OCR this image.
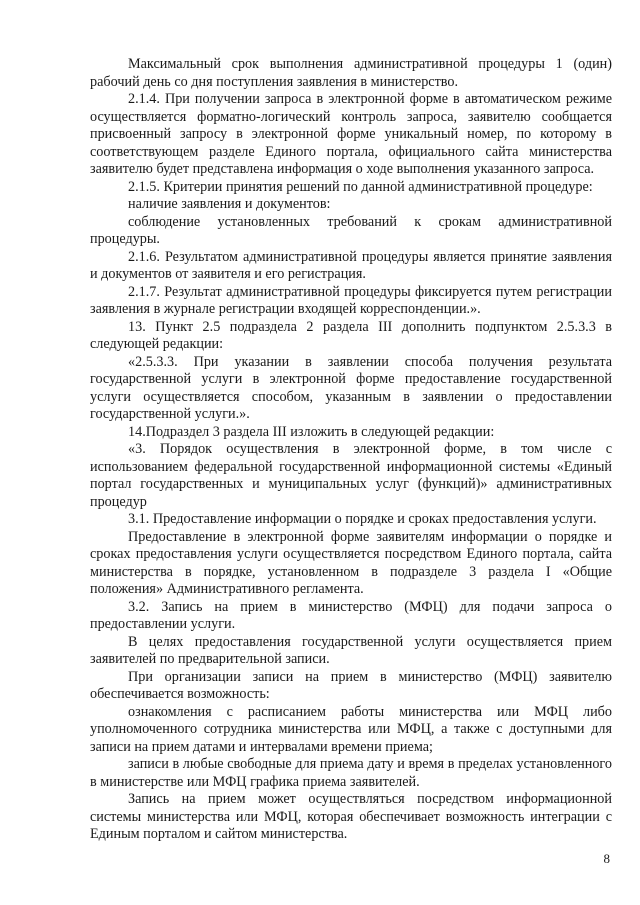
Максимальный срок выполнения административной процедуры 1 (один) рабочий день со дня поступления заявления в министерство.

2.1.4. При получении запроса в электронной форме в автоматическом режиме осуществляется форматно-логический контроль запроса, заявителю сообщается присвоенный запросу в электронной форме уникальный номер, по которому в соответствующем разделе Единого портала, официального сайта министерства заявителю будет представлена информация о ходе выполнения указанного запроса.

2.1.5. Критерии принятия решений по данной административной процедуре:

наличие заявления и документов:

соблюдение установленных требований к срокам административной процедуры.

2.1.6. Результатом административной процедуры является принятие заявления и документов от заявителя и его регистрация.

2.1.7. Результат административной процедуры фиксируется путем регистрации заявления в журнале регистрации входящей корреспонденции.».

13. Пункт 2.5 подраздела 2 раздела III дополнить подпунктом 2.5.3.3 в следующей редакции:

«2.5.3.3. При указании в заявлении способа получения результата государственной услуги в электронной форме предоставление государственной услуги осуществляется способом, указанным в заявлении о предоставлении государственной услуги.».

14.Подраздел 3 раздела III изложить в следующей редакции:

«3. Порядок осуществления в электронной форме, в том числе с использованием федеральной государственной информационной системы «Единый портал государственных и муниципальных услуг (функций)» административных процедур

3.1. Предоставление информации о порядке и сроках предоставления услуги.

Предоставление в электронной форме заявителям информации о порядке и сроках предоставления услуги осуществляется посредством Единого портала, сайта министерства в порядке, установленном в подразделе 3 раздела I «Общие положения» Административного регламента.

3.2. Запись на прием в министерство (МФЦ) для подачи запроса о предоставлении услуги.

В целях предоставления государственной услуги осуществляется прием заявителей по предварительной записи.

При организации записи на прием в министерство (МФЦ) заявителю обеспечивается возможность:

ознакомления с расписанием работы министерства или МФЦ либо уполномоченного сотрудника министерства или МФЦ, а также с доступными для записи на прием датами и интервалами времени приема;

записи в любые свободные для приема дату и время в пределах установленного в министерстве или МФЦ графика приема заявителей.

Запись на прием может осуществляться посредством информационной системы министерства или МФЦ, которая обеспечивает возможность интеграции с Единым порталом и сайтом министерства.

8
